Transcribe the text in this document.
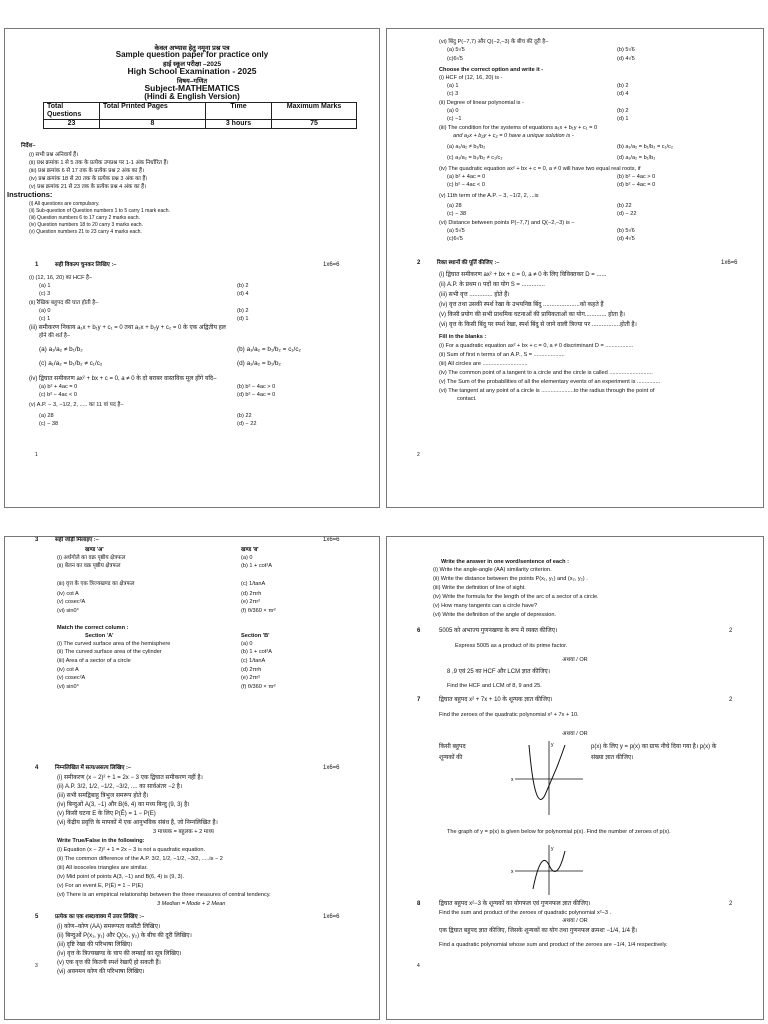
केवल अभ्यास हेतु नमूना प्रश्न पत्र
Sample question paper for practice only
हाई स्कूल परीक्षा –2025
High School Examination - 2025
विषय–गणित
Subject-MATHEMATICS
(Hindi & English Version)
Total Questions	Total Printed Pages	Time	Maximum Marks
23	8	3 hours	75
निर्देश–
(i) सभी प्रश्न अनिवार्य हैं।
(ii) प्रश्न क्रमांक 1 से 5 तक के प्रत्येक उपप्रश्न पर 1-1 अंक निर्धारित हैं।
(iii) प्रश्न क्रमांक 6 से 17 तक के प्रत्येक प्रश्न 2 अंक का हैं।
(iv) प्रश्न क्रमांक 18 से 20 तक के प्रत्येक प्रश्न 3 अंक का हैं।
(v) प्रश्न क्रमांक 21 से 23 तक के प्रत्येक प्रश्न 4 अंक का हैं।
Instructions:
(i) All questions are compulsory.
(ii) Sub-question of Question numbers 1 to 5 carry 1 mark each.
(iii) Question numbers 6 to 17 carry 2 marks each.
(iv) Question numbers 18 to 20 carry 3 marks each.
(v) Question numbers 21 to 23 carry 4 marks each.
1	सही विकल्प चुनकर लिखिए :–	1x6=6
(i) (12, 16, 20) का HCF है–
(a) 1	(b) 2
(c) 3	(d) 4
(ii) रैखिक बहुपद की घात होती है–
(a) 0	(b) 2
(c) 1	(d) 1
(iii) समीकरण निकाय a₁x + b₁y + c₁ = 0 तथा a₂x + b₂y + c₂ = 0 के एक अद्वितीय हल
होने की शर्त है–
(a) a₁/a₂ ≠ b₁/b₂	(b) a₁/a₂ = b₁/b₂ = c₁/c₂
(c) a₁/a₂ = b₁/b₂ ≠ c₁/c₂	(d) a₁/a₂ = b₁/b₂
(iv) द्विघात समीकरण ax² + bx + c = 0, a ≠ 0 के दो बराबर वास्तविक मूल होंगे यदि–
(a) b² + 4ac = 0	(b) b² − 4ac > 0
(c) b² − 4ac < 0	(d) b² − 4ac = 0
(v) A.P. − 3, −1/2, 2, ..... का 11 वां पद है–
(a) 28	(b) 22
(c) − 38	(d) − 22
1
(vi) बिंदु P(−7,7) और Q(−2,−3) के बीच की दूरी है–
(a) 5√5	(b) 5√6
(c)6√5	(d) 4√5
Choose the correct option and write it -
(i) HCF of (12, 16, 20) is -
(a) 1	(b) 2
(c) 3	(d) 4
(ii) Degree of linear polynomial is -
(a) 0	(b) 2
(c) −1	(d) 1
(iii) The condition for the systems of equations a₁x + b₁y + c₁ = 0
and a₂x + b₂y + c₂ = 0 have a unique solution is -
(a) a₁/a₂ ≠ b₁/b₂	(b) a₁/a₂ = b₁/b₂ = c₁/c₂
(c) a₁/a₂ = b₁/b₂ ≠ c₁/c₂	(d) a₁/a₂ = b₁/b₂
(iv) The quadratic equation ax² + bx + c = 0, a ≠ 0 will have two equal real roots, if
(a) b² + 4ac = 0	(b) b² − 4ac > 0
(c) b² − 4ac < 0	(d) b² − 4ac = 0
(v) 11th term of the A.P. − 3, −1/2, 2, ...is
(a) 28	(b) 22
(c) − 38	(d) − 22
(vi) Distance between points P(−7,7) and Q(−2,−3) is −
(a) 5√5	(b) 5√6
(c)6√5	(d) 4√5
2	रिक्त स्थानों की पूर्ति कीजिए :–	1x6=6
(i) द्विघात समीकरण ax² + bx + c = 0, a ≠ 0 के लिए विविक्तकर D = ......
(ii) A.P. के प्रथम n पदों का योग S = ..............
(iii) सभी वृत्त .............. होते हैं।
(iv) वृत्त तथा उसकी स्पर्श रेखा के उभयनिष्ठ बिंदु ......................को कहते हैं
(v) किसी प्रयोग की सभी प्राथमिक घटनाओं की प्रायिकताओं का योग............. होता है।
(vi) वृत्त के किसी बिंदु पर स्पर्श रेखा, स्पर्श बिंदु से जाने वाली त्रिज्या पर .................होती है।
Fill in the blanks :
(i) For a quadratic equation ax² + bx + c = 0, a ≠ 0 discriminant D = ..................
(ii) Sum of first n terms of an A.P., S = ....................
(iii) All circles are .............................
(iv) The common point of a tangent to a circle and the circle is called ............................
(v) The Sum of the probabilities of all the elementary events of an experiment is ...............
(vi) The tangent at any point of a circle is .....................to the radius through the point of
contact.
2
3	सही जोड़ी मिलाइए :–	1x6=6
खण्ड 'अ'	खण्ड 'ब'
(i) अर्धगोले का वक्र पृष्ठीय क्षेत्रफल	(a) 0
(ii) बेलन का वक्र पृष्ठीय क्षेत्रफल	(b) 1 + cot²A
(iii) वृत्त के एक त्रिज्यखण्ड का क्षेत्रफल	(c) 1/tanA
(iv) cot A	(d) 2πrh
(v) cosec²A	(e) 2πr²
(vi) sin0°	(f) θ/360 × πr²
Match the correct column :
Section 'A'	Section 'B'
(i) The curved surface area of the hemisphere	(a) 0
(ii) The curved surface area of the cylinder	(b) 1 + cot²A
(iii) Area of a sector of a circle	(c) 1/tanA
(iv) cot A	(d) 2πrh
(v) cosec²A	(e) 2πr²
(vi) sin0°	(f) θ/360 × πr²
4	निम्नलिखित में सत्य/असत्य लिखिए :–	1x6=6
(i) समीकरण (x − 2)² + 1 = 2x − 3 एक द्विघात समीकरण नहीं है।
(ii) A.P. 3/2, 1/2, −1/2, −3/2, .... का सार्वअंतर −2 है।
(iii) सभी समद्विबाहु त्रिभुज समरूप होते हैं।
(iv) बिन्दुओं A(3, −1) और B(6, 4) का मध्य बिन्दु (9, 3) है।
(v) किसी घटना E के लिए P(Ē) = 1 − P(E)
(vi) केंद्रीय प्रवृत्ति के मापकों में एक आनुभविक संबंध है, जो निम्नलिखित है।
3 माध्यक = बहुलक + 2 माध्य
Write True/False in the following:
(i) Equation (x − 2)² + 1 = 2x − 3 is not a quadratic equation.
(ii) The common difference of the A.P. 3/2, 1/2, −1/2, −3/2, .....is − 2
(iii) All isosceles triangles are similar.
(iv) Mid point of points A(3, −1) and B(6, 4) is (9, 3).
(v) For an event E, P(Ē) = 1 − P(E)
(vi) There is an empirical relationship between the three measures of central tendency.
3 Median = Mode + 2 Mean
5	प्रत्येक का एक शब्द/वाक्य में उत्तर लिखिए :–	1x6=6
(i) कोण–कोण (AA) समरूपता कसौटी लिखिए।
(ii) बिन्दुओं P(x₁, y₁) और Q(x₂, y₂) के बीच की दूरी लिखिए।
(iii) दृष्टि रेखा की परिभाषा लिखिए।
(iv) वृत्त के त्रिज्यखण्ड के चाप की लम्बाई का सूत्र लिखिए।
(v) एक वृत्त की कितनी स्पर्श रेखाएँ हो सकती हैं।
(vi) अवनमन कोण की परिभाषा लिखिए।
3
Write the answer in one word/sentence of each :
(i) Write the angle-angle (AA) similarity criterion.
(ii) Write the distance between the points P(x₁, y₁) and (x₂, y₂) .
(iii) Write the definition of line of sight.
(iv) Write the formula for the length of the arc of a sector of a circle.
(v) How many tangents can a circle have?
(vi) Write the definition of the angle of depression.
6	5005 को अभाज्य गुणनखण्ड के रूप में व्यक्त कीजिए।	2
Express 5005 as a product of its prime factor.
अथवा / OR
8 ,9 एवं 25 का HCF और LCM ज्ञात कीजिए।
Find the HCF and LCM of 8, 9 and 25.
7	द्विघात बहुपद x² + 7x + 10 के शून्यक ज्ञात कीजिए।	2
Find the zeroes of the quadratic polynomial x² + 7x + 10.
अथवा / OR
किसी बहुपद
शून्यकों की
p(x) के लिए y = p(x) का ग्राफ नीचे दिया गया है। p(x) के
संख्या ज्ञात कीजिए।
x
y
The graph of y = p(x) is given below for polynomial p(x). Find the number of zeroes of p(x).
x
y
8	द्विघात बहुपद x²−3 के शून्यकों का योगफल एवं गुणनफल ज्ञात कीजिए।	2
Find the sum and product of the zeroes of quadratic polynomial x²−3 .
अथवा / OR
एक द्विघात बहुपद ज्ञात कीजिए, जिसके शून्यकों का योग तथा गुणनफल क्रमशः −1/4, 1/4 हैं।
Find a quadratic polynomial whose sum and product of the zeroes are −1/4, 1/4 respectively.
4
